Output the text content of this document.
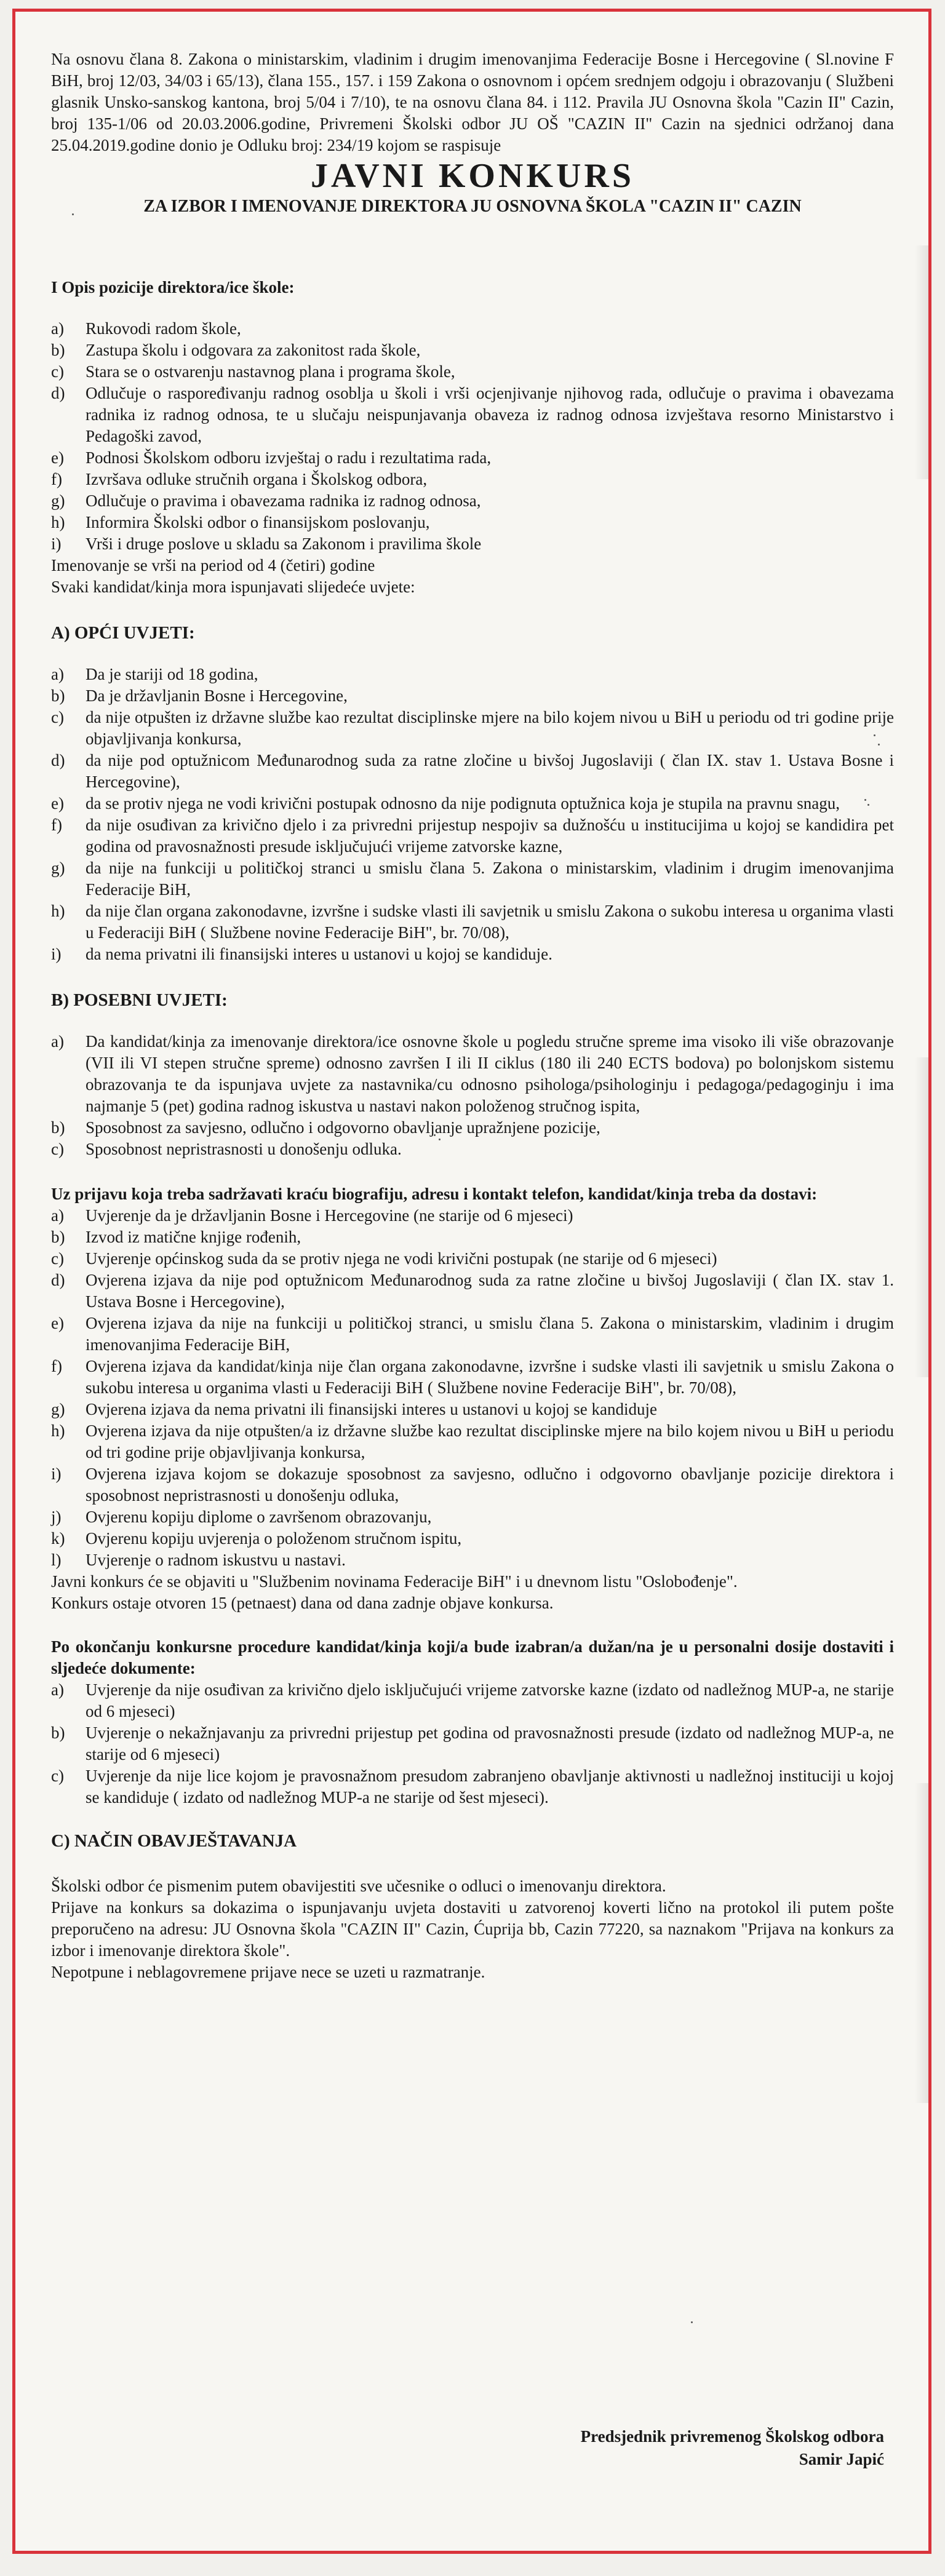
Na osnovu člana 8. Zakona o ministarskim, vladinim i drugim imenovanjima Federacije Bosne i Hercegovine ( Sl.novine F BiH, broj 12/03, 34/03 i 65/13), člana 155., 157. i 159 Zakona o osnovnom i općem srednjem odgoju i obrazovanju ( Službeni glasnik Unsko-sanskog kantona, broj 5/04 i 7/10), te na osnovu člana 84. i 112. Pravila JU Osnovna škola "Cazin II" Cazin, broj 135-1/06 od 20.03.2006.godine, Privremeni Školski odbor JU OŠ "CAZIN II" Cazin na sjednici održanoj dana 25.04.2019.godine donio je Odluku broj: 234/19 kojom se raspisuje

JAVNI KONKURS

ZA IZBOR I IMENOVANJE DIREKTORA JU OSNOVNA ŠKOLA "CAZIN II" CAZIN

I Opis pozicije direktora/ice škole:

a)	Rukovodi radom škole,
b)	Zastupa školu i odgovara za zakonitost rada škole,
c)	Stara se o ostvarenju nastavnog plana i programa škole,
d)	Odlučuje o raspoređivanju radnog osoblja u školi i vrši ocjenjivanje njihovog rada, odlučuje o pravima i obavezama radnika iz radnog odnosa, te u slučaju neispunjavanja obaveza iz radnog odnosa izvještava resorno Ministarstvo i Pedagoški zavod,
e)	Podnosi Školskom odboru izvještaj o radu i rezultatima rada,
f)	Izvršava odluke stručnih organa i Školskog odbora,
g)	Odlučuje o pravima i obavezama radnika iz radnog odnosa,
h)	Informira Školski odbor o finansijskom poslovanju,
i)	Vrši i druge poslove u skladu sa Zakonom i pravilima škole

Imenovanje se vrši na period od 4 (četiri) godine

Svaki kandidat/kinja mora ispunjavati slijedeće uvjete:

A) OPĆI UVJETI:

a)	Da je stariji od 18 godina,
b)	Da je državljanin Bosne i Hercegovine,
c)	da nije otpušten iz državne službe kao rezultat disciplinske mjere na bilo kojem nivou u BiH u periodu od tri godine prije objavljivanja konkursa,
d)	da nije pod optužnicom Međunarodnog suda za ratne zločine u bivšoj Jugoslaviji ( član IX. stav 1. Ustava Bosne i Hercegovine),
e)	da se protiv njega ne vodi krivični postupak odnosno da nije podignuta optužnica koja je stupila na pravnu snagu,
f)	da nije osuđivan za krivično djelo i za privredni prijestup nespojiv sa dužnošću u institucijima u kojoj se kandidira pet godina od pravosnažnosti presude isključujući vrijeme zatvorske kazne,
g)	da nije na funkciji u političkoj stranci u smislu člana 5. Zakona o ministarskim, vladinim i drugim imenovanjima Federacije BiH,
h)	da nije član organa zakonodavne, izvršne i sudske vlasti ili savjetnik u smislu Zakona o sukobu interesa u organima vlasti u Federaciji BiH ( Službene novine Federacije BiH", br. 70/08),
i)	da nema privatni ili finansijski interes u ustanovi u kojoj se kandiduje.

B) POSEBNI UVJETI:

a)	Da kandidat/kinja za imenovanje direktora/ice osnovne škole u pogledu stručne spreme ima visoko ili više obrazovanje (VII ili VI stepen stručne spreme) odnosno završen I ili II ciklus (180 ili 240 ECTS bodova) po bolonjskom sistemu obrazovanja te da ispunjava uvjete za nastavnika/cu odnosno psihologa/psihologinju i pedagoga/pedagoginju i ima najmanje 5 (pet) godina radnog iskustva u nastavi nakon položenog stručnog ispita,
b)	Sposobnost za savjesno, odlučno i odgovorno obavljanje upražnjene pozicije,
c)	Sposobnost nepristrasnosti u donošenju odluka.

Uz prijavu koja treba sadržavati kraću biografiju, adresu i kontakt telefon, kandidat/kinja treba da dostavi:

a)	Uvjerenje da je državljanin Bosne i Hercegovine (ne starije od 6 mjeseci)
b)	Izvod iz matične knjige rođenih,
c)	Uvjerenje općinskog suda da se protiv njega ne vodi krivični postupak (ne starije od 6 mjeseci)
d)	Ovjerena izjava da nije pod optužnicom Međunarodnog suda za ratne zločine u bivšoj Jugoslaviji ( član IX. stav 1. Ustava Bosne i Hercegovine),
e)	Ovjerena izjava da nije na funkciji u političkoj stranci, u smislu člana 5. Zakona o ministarskim, vladinim i drugim imenovanjima Federacije BiH,
f)	Ovjerena izjava da kandidat/kinja nije član organa zakonodavne, izvršne i sudske vlasti ili savjetnik u smislu Zakona o sukobu interesa u organima vlasti u Federaciji BiH ( Službene novine Federacije BiH", br. 70/08),
g)	Ovjerena izjava da nema privatni ili finansijski interes u ustanovi u kojoj se kandiduje
h)	Ovjerena izjava da nije otpušten/a iz državne službe kao rezultat disciplinske mjere na bilo kojem nivou u BiH u periodu od tri godine prije objavljivanja konkursa,
i)	Ovjerena izjava kojom se dokazuje sposobnost za savjesno, odlučno i odgovorno obavljanje pozicije direktora i sposobnost nepristrasnosti u donošenju odluka,
j)	Ovjerenu kopiju diplome o završenom obrazovanju,
k)	Ovjerenu kopiju uvjerenja o položenom stručnom ispitu,
l)	Uvjerenje o radnom iskustvu u nastavi.

Javni konkurs će se objaviti u "Službenim novinama Federacije BiH" i u dnevnom listu "Oslobođenje".

Konkurs ostaje otvoren 15 (petnaest) dana od dana zadnje objave konkursa.

Po okončanju konkursne procedure kandidat/kinja koji/a bude izabran/a dužan/na je u personalni dosije dostaviti i sljedeće dokumente:

a)	Uvjerenje da nije osuđivan za krivično djelo isključujući vrijeme zatvorske kazne (izdato od nadležnog MUP-a, ne starije od 6 mjeseci)
b)	Uvjerenje o nekažnjavanju za privredni prijestup pet godina od pravosnažnosti presude (izdato od nadležnog MUP-a, ne starije od 6 mjeseci)
c)	Uvjerenje da nije lice kojom je pravosnažnom presudom zabranjeno obavljanje aktivnosti u nadležnoj instituciji u kojoj se kandiduje ( izdato od nadležnog MUP-a ne starije od šest mjeseci).

C) NAČIN OBAVJEŠTAVANJA

Školski odbor će pismenim putem obavijestiti sve učesnike o odluci o imenovanju direktora.

Prijave na konkurs sa dokazima o ispunjavanju uvjeta dostaviti u zatvorenoj koverti lično na protokol ili putem pošte preporučeno na adresu: JU Osnovna škola "CAZIN II" Cazin, Ćuprija bb, Cazin 77220, sa naznakom "Prijava na konkurs za izbor i imenovanje direktora škole".

Nepotpune i neblagovremene prijave nece se uzeti u razmatranje.

Predsjednik privremenog Školskog odbora
Samir Japić
